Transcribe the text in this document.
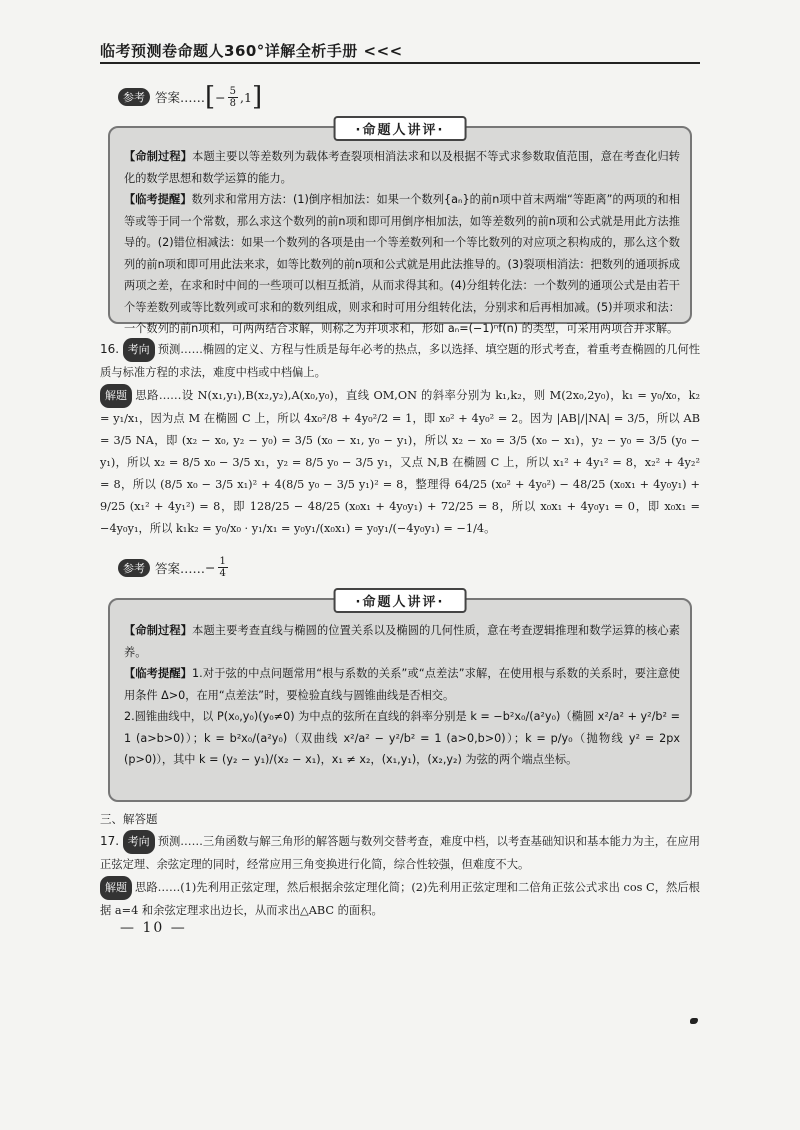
临考预测卷命题人360°详解全析手册 <<<
参考 答案…… [ − $\frac{5}{8} ,1$ ]
·命题人讲评·

【命制过程】本题主要以等差数列为载体考查裂项相消法求和以及根据不等式求参数取值范围，意在考查化归转化的数学思想和数学运算的能力。

【临考提醒】数列求和常用方法：(1)倒序相加法：如果一个数列{aₙ}的前n项中首末两端“等距离”的两项的和相等或等于同一个常数，那么求这个数列的前n项和即可用倒序相加法，如等差数列的前n项和公式就是用此方法推导的。(2)错位相减法：如果一个数列的各项是由一个等差数列和一个等比数列的对应项之积构成的，那么这个数列的前n项和即可用此法来求，如等比数列的前n项和公式就是用此法推导的。(3)裂项相消法：把数列的通项拆成两项之差，在求和时中间的一些项可以相互抵消，从而求得其和。(4)分组转化法：一个数列的通项公式是由若干个等差数列或等比数列或可求和的数列组成，则求和时可用分组转化法，分别求和后再相加减。(5)并项求和法：一个数列的前n项和，可两两结合求解，则称之为并项求和，形如 aₙ=(−1)ⁿf(n) 的类型，可采用两项合并求解。

16. 考向 预测……椭圆的定义、方程与性质是每年必考的热点，多以选择、填空题的形式考查，着重考查椭圆的几何性质与标准方程的求法，难度中档或中档偏上。

解题 思路……设 N(x₁,y₁),B(x₂,y₂),A(x₀,y₀)，直线 OM,ON 的斜率分别为 k₁,k₂，则 M(2x₀,2y₀)，k₁ = y₀/x₀，k₂ = y₁/x₁，因为点 M 在椭圆 C 上，所以 4x₀²/8 + 4y₀²/2 = 1，即 x₀² + 4y₀² = 2。因为 |AB|/|NA| = 3/5，所以 AB = 3/5 NA，即 (x₂ − x₀, y₂ − y₀) = 3/5 (x₀ − x₁, y₀ − y₁)，所以 x₂ − x₀ = 3/5 (x₀ − x₁)，y₂ − y₀ = 3/5 (y₀ − y₁)，所以 x₂ = 8/5 x₀ − 3/5 x₁，y₂ = 8/5 y₀ − 3/5 y₁，又点 N,B 在椭圆 C 上，所以 x₁² + 4y₁² = 8，x₂² + 4y₂² = 8，所以 (8/5 x₀ − 3/5 x₁)² + 4(8/5 y₀ − 3/5 y₁)² = 8，整理得 64/25 (x₀² + 4y₀²) − 48/25 (x₀x₁ + 4y₀y₁) + 9/25 (x₁² + 4y₁²) = 8，即 128/25 − 48/25 (x₀x₁ + 4y₀y₁) + 72/25 = 8，所以 x₀x₁ + 4y₀y₁ = 0，即 x₀x₁ = −4y₀y₁，所以 k₁k₂ = y₀/x₀ · y₁/x₁ = y₀y₁/(x₀x₁) = y₀y₁/(−4y₀y₁) = −1/4。

参考 答案…… − $\frac{1}{4}$
·命题人讲评·

【命制过程】本题主要考查直线与椭圆的位置关系以及椭圆的几何性质，意在考查逻辑推理和数学运算的核心素养。

【临考提醒】1.对于弦的中点问题常用“根与系数的关系”或“点差法”求解，在使用根与系数的关系时，要注意使用条件 Δ>0，在用“点差法”时，要检验直线与圆锥曲线是否相交。

2.圆锥曲线中，以 P(x₀,y₀)(y₀≠0) 为中点的弦所在直线的斜率分别是 k = −b²x₀/(a²y₀)（椭圆 x²/a² + y²/b² = 1 (a>b>0)）；k = b²x₀/(a²y₀)（双曲线 x²/a² − y²/b² = 1 (a>0,b>0)）；k = p/y₀（抛物线 y² = 2px (p>0)），其中 k = (y₂ − y₁)/(x₂ − x₁)，x₁ ≠ x₂，(x₁,y₁)，(x₂,y₂) 为弦的两个端点坐标。

三、解答题

17. 考向 预测……三角函数与解三角形的解答题与数列交替考查，难度中档，以考查基础知识和基本能力为主，在应用正弦定理、余弦定理的同时，经常应用三角变换进行化简，综合性较强，但难度不大。

解题 思路……(1)先利用正弦定理，然后根据余弦定理化简；(2)先利用正弦定理和二倍角正弦公式求出 cos C，然后根据 a=4 和余弦定理求出边长，从而求出△ABC 的面积。

— 10 —
